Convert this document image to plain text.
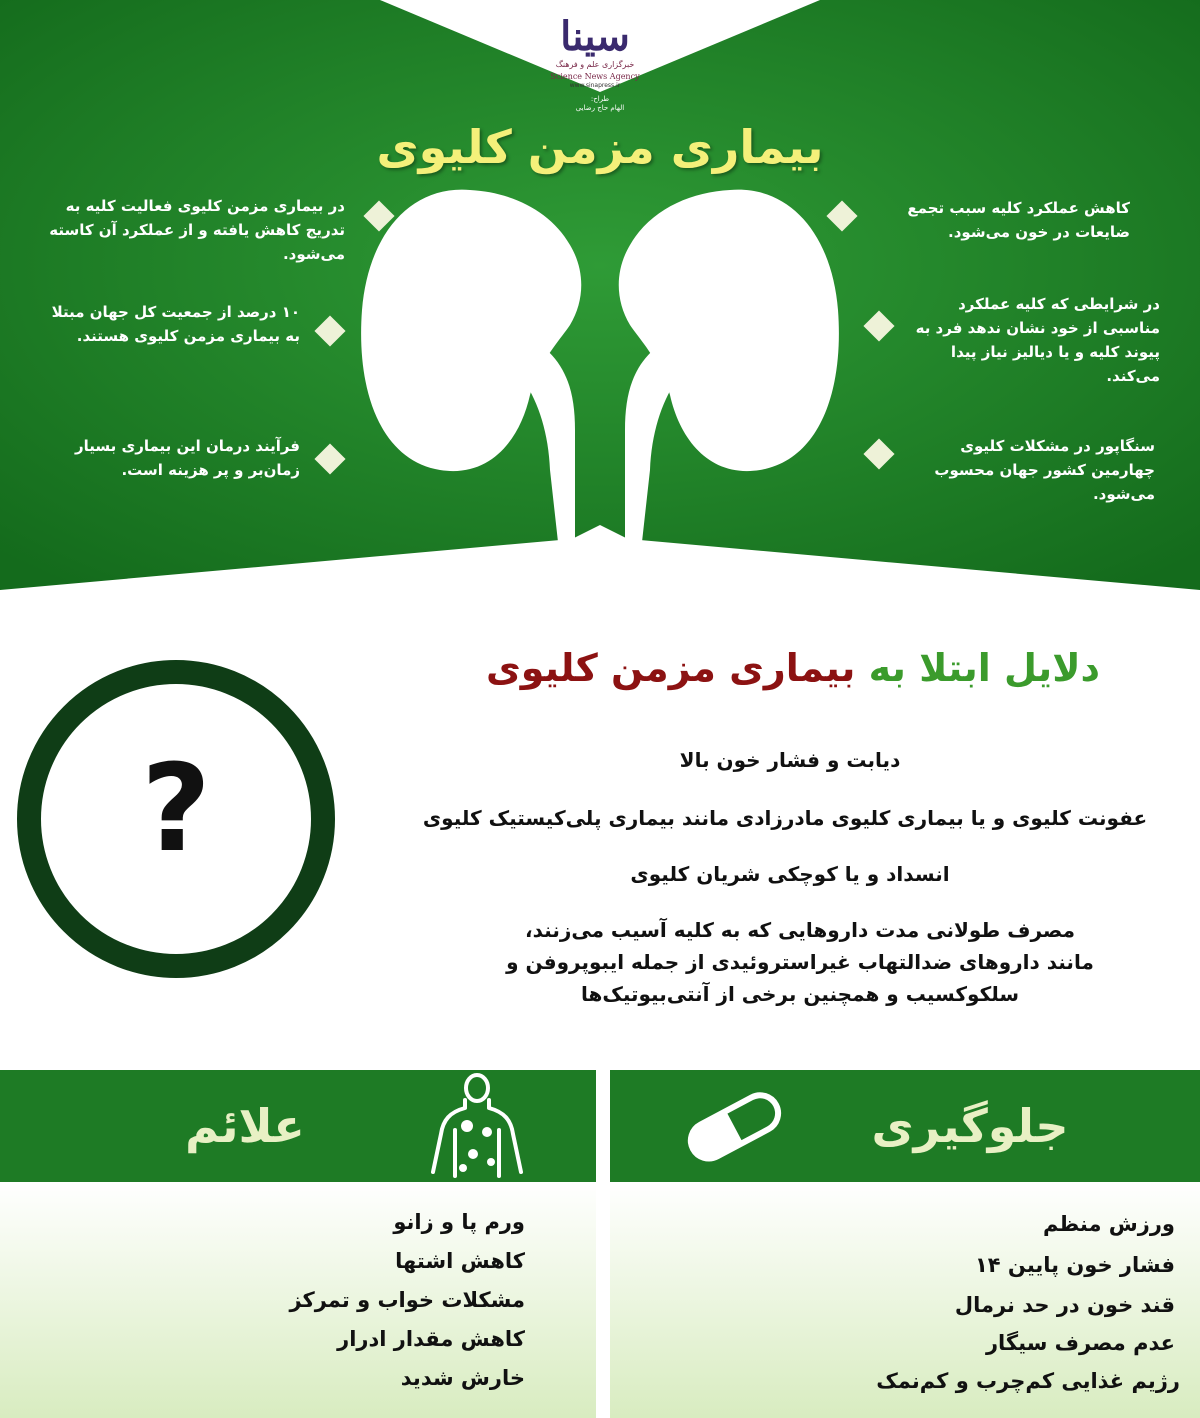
سینا
خبرگزاری علم و فرهنگ
Science News Agency
www.sinapress.ir
طراح:
الهام حاج رضایی
بیماری مزمن کلیوی
کاهش عملکرد کلیه سبب تجمع ضایعات در خون می‌شود.
در شرایطی که کلیه عملکرد مناسبی از خود نشان ندهد فرد به پیوند کلیه و یا دیالیز نیاز پیدا می‌کند.
سنگاپور در مشکلات کلیوی چهارمین کشور جهان محسوب می‌شود.
در بیماری مزمن کلیوی فعالیت کلیه به تدریج کاهش یافته و از عملکرد آن کاسته می‌شود.
۱۰ درصد از جمعیت کل جهان مبتلا به بیماری مزمن کلیوی هستند.
فرآیند درمان این بیماری بسیار زمان‌بر و پر هزینه است.
دلایل ابتلا به بیماری مزمن کلیوی
?	دیابت و فشار خون بالا
عفونت کلیوی و یا بیماری کلیوی مادرزادی مانند بیماری پلی‌کیستیک کلیوی
انسداد و یا کوچکی شریان کلیوی
مصرف طولانی مدت داروهایی که به کلیه آسیب می‌زنند،
مانند داروهای ضدالتهاب غیراستروئیدی از جمله ایبوپروفن و
سلکوکسیب و همچنین برخی از آنتی‌بیوتیک‌ها
علائم
ورم پا و زانو
کاهش اشتها
مشکلات خواب و تمرکز
کاهش مقدار ادرار
خارش شدید
جلوگیری
ورزش منظم
فشار خون پایین ۱۴
قند خون در حد نرمال
عدم مصرف سیگار
رژیم غذایی کم‌چرب و کم‌نمک
